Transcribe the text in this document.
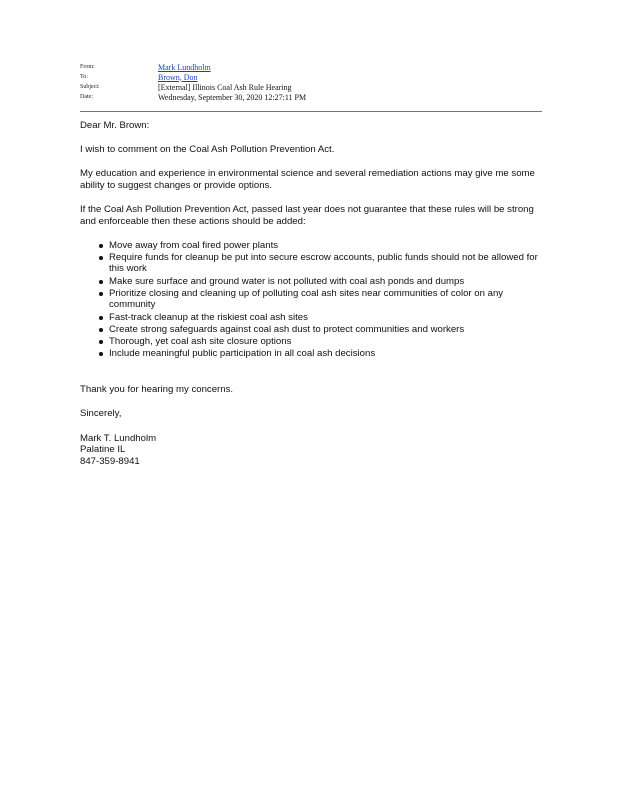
From:	Mark Lundholm
To:	Brown, Don
Subject:	[External] Illinois Coal Ash Rule Hearing
Date:	Wednesday, September 30, 2020 12:27:11 PM

Dear Mr. Brown:

I wish to comment on the Coal Ash Pollution Prevention Act.

My education and experience in environmental science and several remediation actions may give me some ability to suggest changes or provide options.

If the Coal Ash Pollution Prevention Act, passed last year does not guarantee that these rules will be strong and enforceable then these actions should be added:

Move away from coal fired power plants
Require funds for cleanup be put into secure escrow accounts, public funds should not be allowed for this work
Make sure surface and ground water is not polluted with coal ash ponds and dumps
Prioritize closing and cleaning up of polluting coal ash sites near communities of color on any community
Fast-track cleanup at the riskiest coal ash sites
Create strong safeguards against coal ash dust to protect communities and workers
Thorough, yet coal ash site closure options
Include meaningful public participation in all coal ash decisions

Thank you for hearing my concerns.

Sincerely,

Mark T. Lundholm

Palatine IL

847-359-8941
